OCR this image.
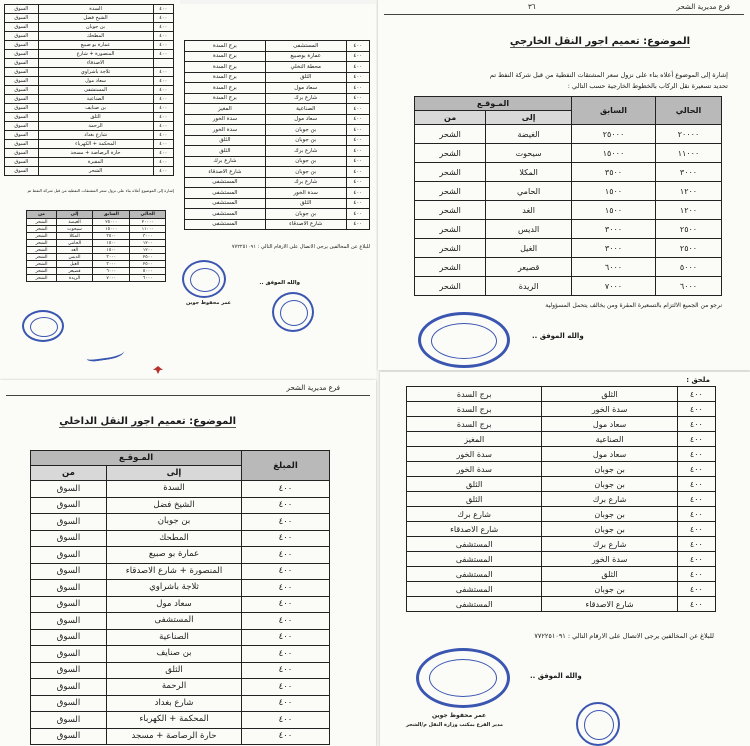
٤٠٠	السدة	السوق
٤٠٠	الشيخ فضل	السوق
٤٠٠	بن جوبان	السوق
٤٠٠	المطحك	السوق
٤٠٠	عمارة بو صبيع	السوق
٤٠٠	المنصورة + شارع	السوق
	الاصدقاء	السوق
٤٠٠	ثلاجة باشراوي	السوق
٤٠٠	سعاد مول	السوق
٤٠٠	المستشفى	السوق
٤٠٠	الصناعية	السوق
٤٠٠	بن صنايف	السوق
٤٠٠	الثلق	السوق
٤٠٠	الرحمة	السوق
٤٠٠	شارع بغداد	السوق
٤٠٠	المحكمة + الكهرباء	السوق
٤٠٠	حارة الرصاصة + مسجد	السوق
٤٠٠	المقبرة	السوق
٤٠٠	الشحر	السوق
إشارة إلى الموضوع أعلاه بناء على نزول سعر المشتقات النفطية من قبل شركة النفط تم
الحالي	السابق	إلى	من
٢٠٠٠٠	٢٥٠٠٠	الغيضة	الشحر
١١٠٠٠	١٥٠٠٠	سيحوت	الشحر
٣٠٠٠	٣٥٠٠	المكلا	الشحر
١٢٠٠	١٥٠٠	الحامي	الشحر
١٢٠٠	١٥٠٠	الغد	الشحر
٢٥٠٠	٣٠٠٠	الديس	الشحر
٢٥٠٠	٣٠٠٠	الغيل	الشحر
٥٠٠٠	٦٠٠٠	قصيعر	الشحر
٦٠٠٠	٧٠٠٠	الريدة	الشحر
٤٠٠	المستشفى	برج السدة
٤٠٠	عمارة بوصبيع	برج السدة
٤٠٠	محطة النخلي	برج السدة
٤٠٠	الثلق	برج السدة
٤٠٠	سعاد مول	برج السدة
٤٠٠	شارع برك	برج السدة
٤٠٠	الصناعية	المغيز
٤٠٠	سعاد مول	سدة الخور
٤٠٠	بن جوبان	سدة الخور
٤٠٠	بن جوبان	الثلق
٤٠٠	شارع برك	الثلق
٤٠٠	بن جوبان	شارع برك
٤٠٠	بن جوبان	شارع الاصدقاء
٤٠٠	شارع برك	المستشفى
٤٠٠	سدة الخور	المستشفى
٤٠٠	الثلق	المستشفى
٤٠٠	بن جوبان	المستشفى
٤٠٠	شارع الاصدقاء	المستشفى
للبلاغ عن المخالفين يرجى الاتصال على الارقام التالي : ٧٧٢٢٥١٠٩١
والله الموفق ..
عمر محفوظ جوين
فرع مديرية الشحر
٣٦
الموضوع: تعميم اجور النقل الخارجي
إشارة إلى الموضوع أعلاه بناء على نزول سعر المشتقات النفطية من قبل شركة النفط تم
تحديد تسعيرة نقل الركاب بالخطوط الخارجية حسب التالي :
الحالي	السابق	المـوقـع	
		إلى	من
٢٠٠٠٠	٢٥٠٠٠	الغيضة	الشحر
١١٠٠٠	١٥٠٠٠	سيحوت	الشحر
٣٠٠٠	٣٥٠٠	المكلا	الشحر
١٢٠٠	١٥٠٠	الحامي	الشحر
١٢٠٠	١٥٠٠	الغد	الشحر
٢٥٠٠	٣٠٠٠	الديس	الشحر
٢٥٠٠	٣٠٠٠	الغيل	الشحر
٥٠٠٠	٦٠٠٠	قصيعر	الشحر
٦٠٠٠	٧٠٠٠	الريدة	الشحر
نرجو من الجميع الالتزام بالتسعيرة المقرة ومن يخالف يتحمل المسؤولية
والله الموفق ..
فرع مديرية الشحر
الموضوع: تعميم اجور النقل الداخلي
المبلغ	المـوقـع	
	إلى	من
٤٠٠	السدة	السوق
٤٠٠	الشيخ فضل	السوق
٤٠٠	بن جوبان	السوق
٤٠٠	المطحك	السوق
٤٠٠	عمارة بو صبيع	السوق
٤٠٠	المنصورة + شارع الاصدقاء	السوق
٤٠٠	ثلاجة باشراوي	السوق
٤٠٠	سعاد مول	السوق
٤٠٠	المستشفى	السوق
٤٠٠	الصناعية	السوق
٤٠٠	بن صنايف	السوق
٤٠٠	الثلق	السوق
٤٠٠	الرحمة	السوق
٤٠٠	شارع بغداد	السوق
٤٠٠	المحكمة + الكهرباء	السوق
٤٠٠	حارة الرصاصة + مسجد	السوق
ملحق :
٤٠٠	الثلق	برج السدة
٤٠٠	سدة الخور	برج السدة
٤٠٠	سعاد مول	برج السدة
٤٠٠	الصناعية	المغيز
٤٠٠	سعاد مول	سدة الخور
٤٠٠	بن جوبان	سدة الخور
٤٠٠	بن جوبان	الثلق
٤٠٠	شارع برك	الثلق
٤٠٠	بن جوبان	شارع برك
٤٠٠	بن جوبان	شارع الاصدقاء
٤٠٠	شارع برك	المستشفى
٤٠٠	سدة الخور	المستشفى
٤٠٠	الثلق	المستشفى
٤٠٠	بن جوبان	المستشفى
٤٠٠	شارع الاصدقاء	المستشفى
للبلاغ عن المخالفين يرجى الاتصال على الارقام التالي : ٧٧٢٢٥١٠٩١
عمر محفوظ جوين
مدير الفرع بمكتب وزارة النقل م/الشحر
والله الموفق ..
